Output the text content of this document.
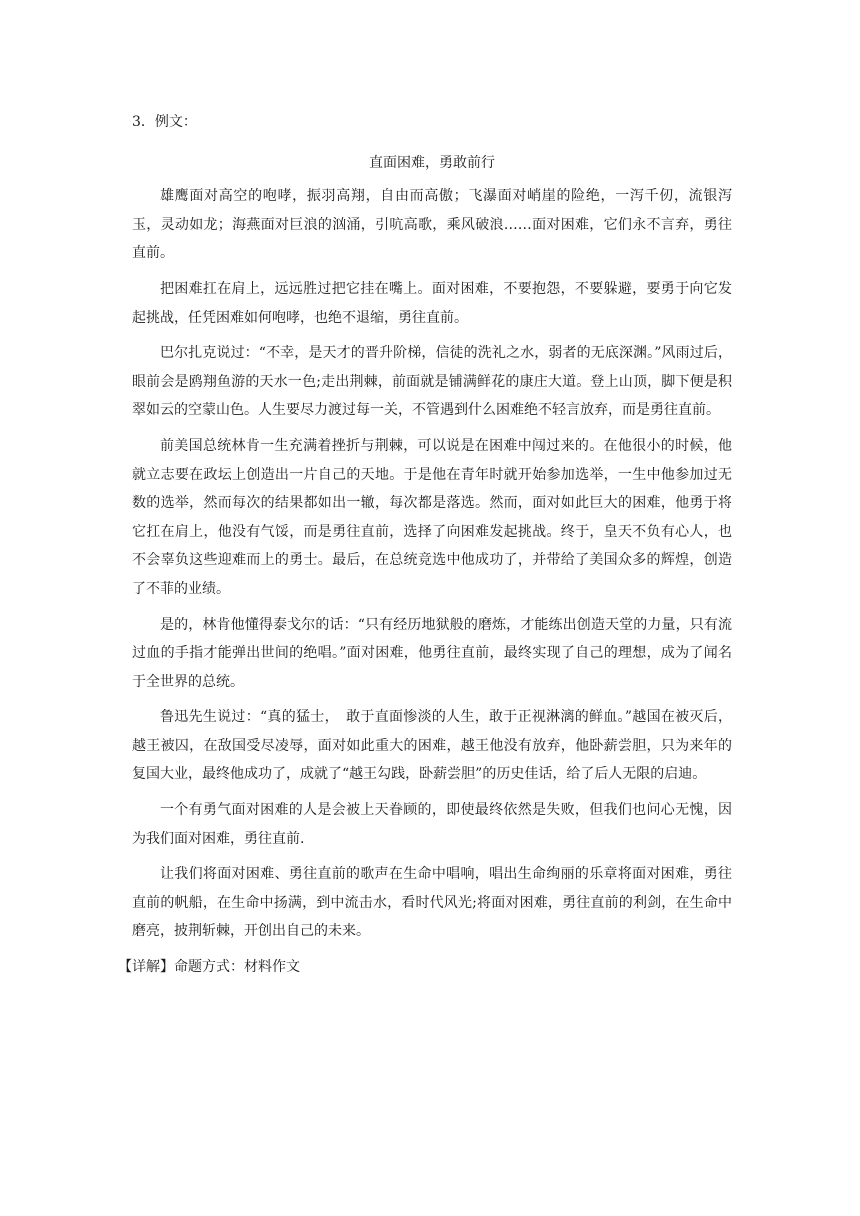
3．例文：

直面困难，勇敢前行

雄鹰面对高空的咆哮，振羽高翔，自由而高傲；飞瀑面对峭崖的险绝，一泻千仞，流银泻玉，灵动如龙；海燕面对巨浪的汹涌，引吭高歌，乘风破浪……面对困难，它们永不言弃，勇往直前。

把困难扛在肩上，远远胜过把它挂在嘴上。面对困难，不要抱怨，不要躲避，要勇于向它发起挑战，任凭困难如何咆哮，也绝不退缩，勇往直前。

巴尔扎克说过：“不幸，是天才的晋升阶梯，信徒的洗礼之水，弱者的无底深渊。”风雨过后，眼前会是鸥翔鱼游的天水一色;走出荆棘，前面就是铺满鲜花的康庄大道。登上山顶，脚下便是积翠如云的空蒙山色。人生要尽力渡过每一关，不管遇到什么困难绝不轻言放弃，而是勇往直前。

前美国总统林肯一生充满着挫折与荆棘，可以说是在困难中闯过来的。在他很小的时候，他就立志要在政坛上创造出一片自己的天地。于是他在青年时就开始参加选举，一生中他参加过无数的选举，然而每次的结果都如出一辙，每次都是落选。然而，面对如此巨大的困难，他勇于将它扛在肩上，他没有气馁，而是勇往直前，选择了向困难发起挑战。终于，皇天不负有心人，也不会辜负这些迎难而上的勇士。最后，在总统竞选中他成功了，并带给了美国众多的辉煌，创造了不菲的业绩。

是的，林肯他懂得泰戈尔的话：“只有经历地狱般的磨炼，才能练出创造天堂的力量，只有流过血的手指才能弹出世间的绝唱。”面对困难，他勇往直前，最终实现了自己的理想，成为了闻名于全世界的总统。

鲁迅先生说过：“真的猛士，　敢于直面惨淡的人生，敢于正视淋漓的鲜血。”越国在被灭后，越王被囚，在敌国受尽凌辱，面对如此重大的困难，越王他没有放弃，他卧薪尝胆，只为来年的复国大业，最终他成功了，成就了“越王勾践，卧薪尝胆”的历史佳话，给了后人无限的启迪。

一个有勇气面对困难的人是会被上天眷顾的，即使最终依然是失败，但我们也问心无愧，因为我们面对困难，勇往直前.

让我们将面对困难、勇往直前的歌声在生命中唱响，唱出生命绚丽的乐章将面对困难，勇往直前的帆船，在生命中扬满，到中流击水，看时代风光;将面对困难，勇往直前的利剑，在生命中磨亮，披荆斩棘，开创出自己的未来。

【详解】命题方式：材料作文
